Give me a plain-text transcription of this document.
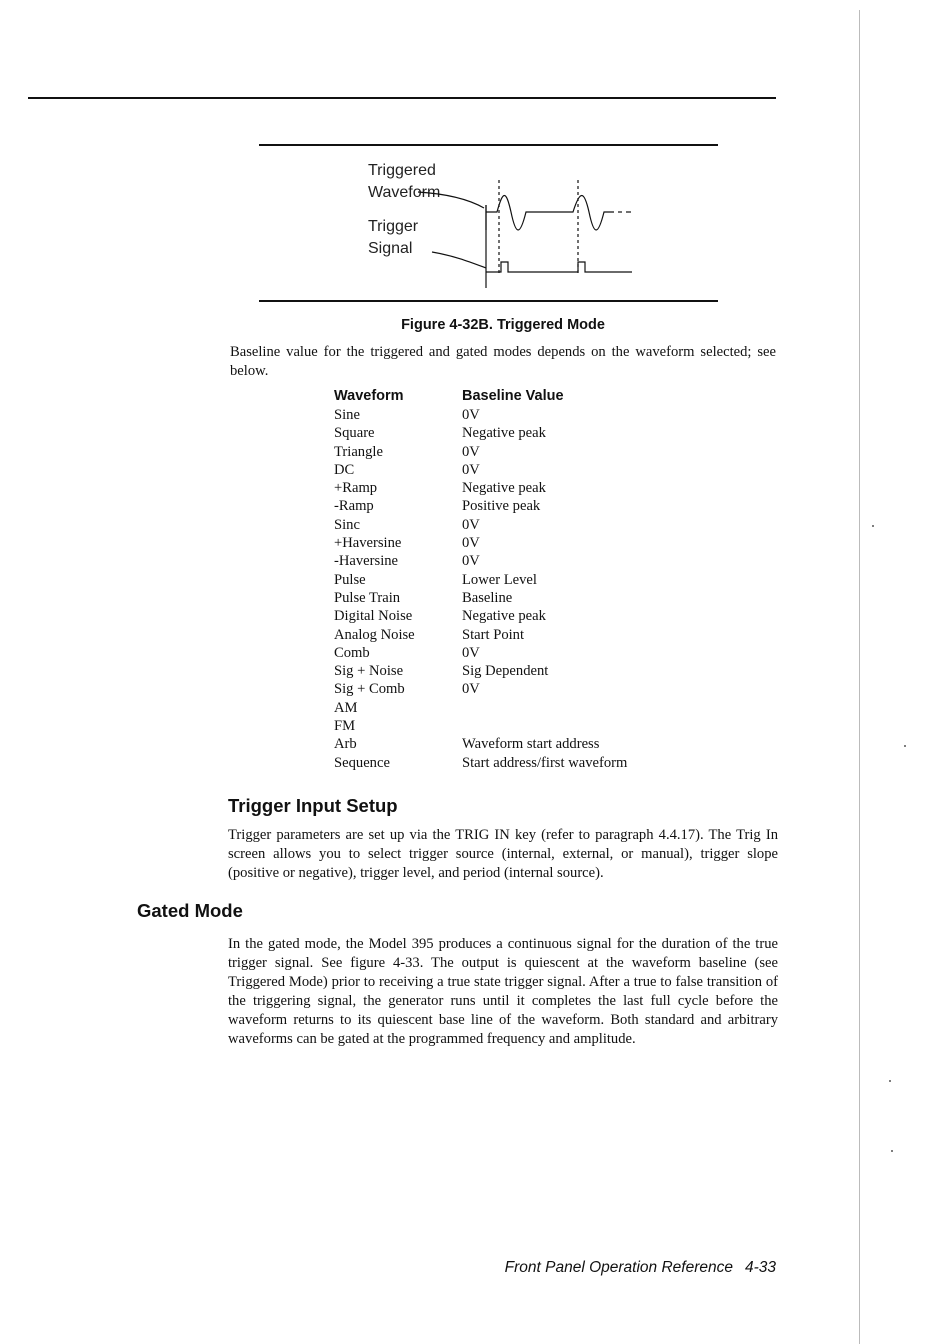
Triggered
Waveform
Trigger
Signal
Figure 4-32B. Triggered Mode

Baseline value for the triggered and gated modes depends on the waveform selected; see below.

Waveform	Baseline Value
Sine	0V
Square	Negative peak
Triangle	0V
DC	0V
+Ramp	Negative peak
-Ramp	Positive peak
Sinc	0V
+Haversine	0V
-Haversine	0V
Pulse	Lower Level
Pulse Train	Baseline
Digital Noise	Negative peak
Analog Noise	Start Point
Comb	0V
Sig + Noise	Sig Dependent
Sig + Comb	0V
AM	
FM	
Arb	Waveform start address
Sequence	Start address/first waveform
Trigger Input Setup

Trigger parameters are set up via the TRIG IN key (refer to paragraph 4.4.17). The Trig In screen allows you to select trigger source (internal, external, or manual), trigger slope (positive or negative), trigger level, and period (internal source).

Gated Mode

In the gated mode, the Model 395 produces a continuous signal for the duration of the true trigger signal. See figure 4-33. The output is quiescent at the waveform baseline (see Triggered Mode) prior to receiving a true state trigger signal. After a true to false transition of the triggering signal, the generator runs until it completes the last full cycle before the waveform returns to its quiescent base line of the waveform. Both standard and arbitrary waveforms can be gated at the programmed frequency and amplitude.

Front Panel Operation Reference 4-33
